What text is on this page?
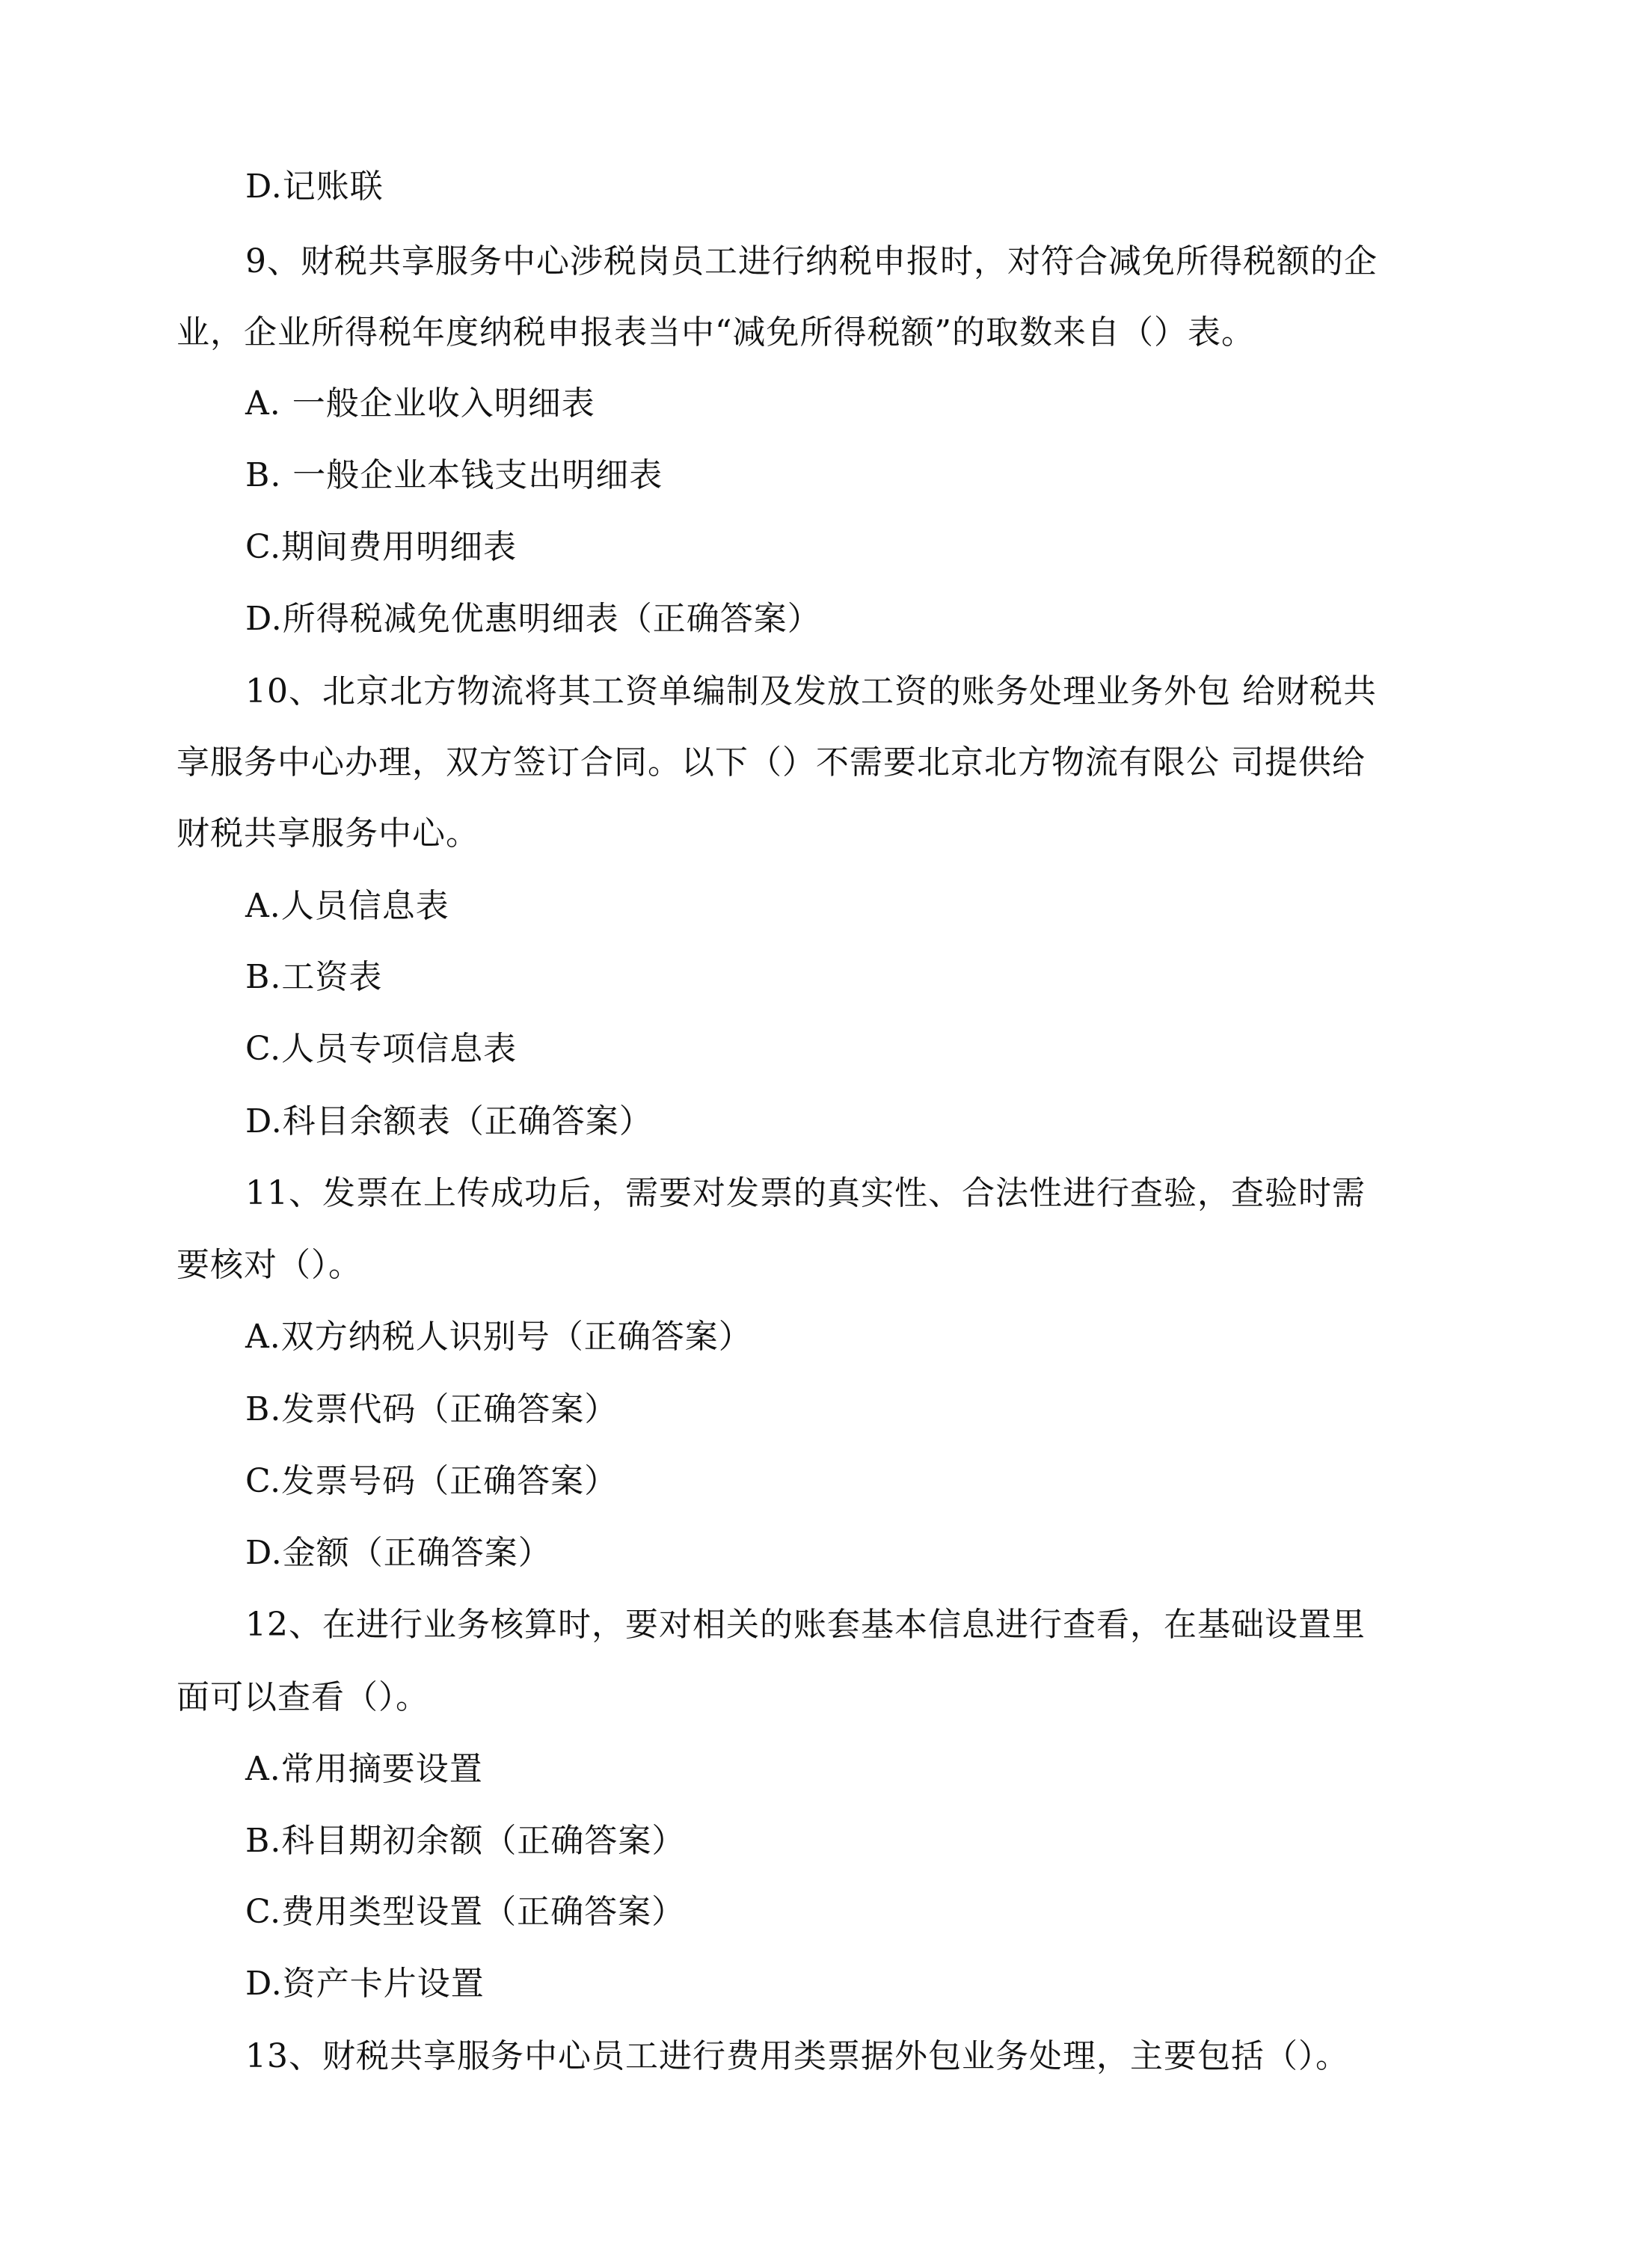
D.记账联
9、财税共享服务中心涉税岗员工进行纳税申报时，对符合减免所得税额的企
业，企业所得税年度纳税申报表当中“减免所得税额”的取数来自（）表。
A. 一般企业收入明细表
B. 一般企业本钱支出明细表
C.期间费用明细表
D.所得税减免优惠明细表（正确答案）
10、北京北方物流将其工资单编制及发放工资的账务处理业务外包 给财税共
享服务中心办理，双方签订合同。以下（）不需要北京北方物流有限公 司提供给
财税共享服务中心。
A.人员信息表
B.工资表
C.人员专项信息表
D.科目余额表（正确答案）
11、发票在上传成功后，需要对发票的真实性、合法性进行查验，查验时需
要核对（）。
A.双方纳税人识别号（正确答案）
B.发票代码（正确答案）
C.发票号码（正确答案）
D.金额（正确答案）
12、在进行业务核算时，要对相关的账套基本信息进行查看，在基础设置里
面可以查看（）。
A.常用摘要设置
B.科目期初余额（正确答案）
C.费用类型设置（正确答案）
D.资产卡片设置
13、财税共享服务中心员工进行费用类票据外包业务处理，主要包括（）。
